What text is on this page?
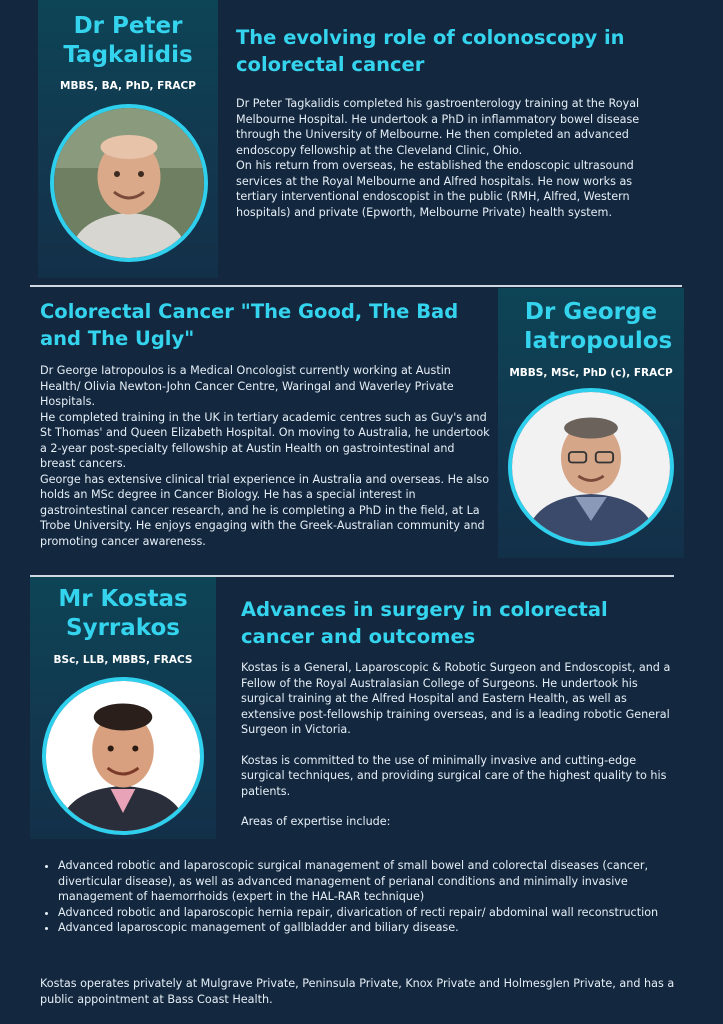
Dr Peter Tagkalidis
MBBS, BA, PhD, FRACP
The evolving role of colonoscopy in colorectal cancer

Dr Peter Tagkalidis completed his gastroenterology training at the Royal Melbourne Hospital. He undertook a PhD in inflammatory bowel disease through the University of Melbourne. He then completed an advanced endoscopy fellowship at the Cleveland Clinic, Ohio.

On his return from overseas, he established the endoscopic ultrasound services at the Royal Melbourne and Alfred hospitals. He now works as tertiary interventional endoscopist in the public (RMH, Alfred, Western hospitals) and private (Epworth, Melbourne Private) health system.

Colorectal Cancer "The Good, The Bad and The Ugly"

Dr George Iatropoulos is a Medical Oncologist currently working at Austin Health/ Olivia Newton-John Cancer Centre, Waringal and Waverley Private Hospitals.

He completed training in the UK in tertiary academic centres such as Guy's and St Thomas' and Queen Elizabeth Hospital. On moving to Australia, he undertook a 2-year post-specialty fellowship at Austin Health on gastrointestinal and breast cancers.

George has extensive clinical trial experience in Australia and overseas. He also holds an MSc degree in Cancer Biology. He has a special interest in gastrointestinal cancer research, and he is completing a PhD in the field, at La Trobe University. He enjoys engaging with the Greek-Australian community and promoting cancer awareness.

Dr George Iatropoulos
MBBS, MSc, PhD (c), FRACP
Mr Kostas Syrrakos
BSc, LLB, MBBS, FRACS
Advances in surgery in colorectal cancer and outcomes

Kostas is a General, Laparoscopic & Robotic Surgeon and Endoscopist, and a Fellow of the Royal Australasian College of Surgeons. He undertook his surgical training at the Alfred Hospital and Eastern Health, as well as extensive post-fellowship training overseas, and is a leading robotic General Surgeon in Victoria.

Kostas is committed to the use of minimally invasive and cutting-edge surgical techniques, and providing surgical care of the highest quality to his patients.

Areas of expertise include:

• Advanced robotic and laparoscopic surgical management of small bowel and colorectal diseases (cancer, diverticular disease), as well as advanced management of perianal conditions and minimally invasive management of haemorrhoids (expert in the HAL-RAR technique)
• Advanced robotic and laparoscopic hernia repair, divarication of recti repair/ abdominal wall reconstruction
• Advanced laparoscopic management of gallbladder and biliary disease.
Kostas operates privately at Mulgrave Private, Peninsula Private, Knox Private and Holmesglen Private, and has a public appointment at Bass Coast Health.
